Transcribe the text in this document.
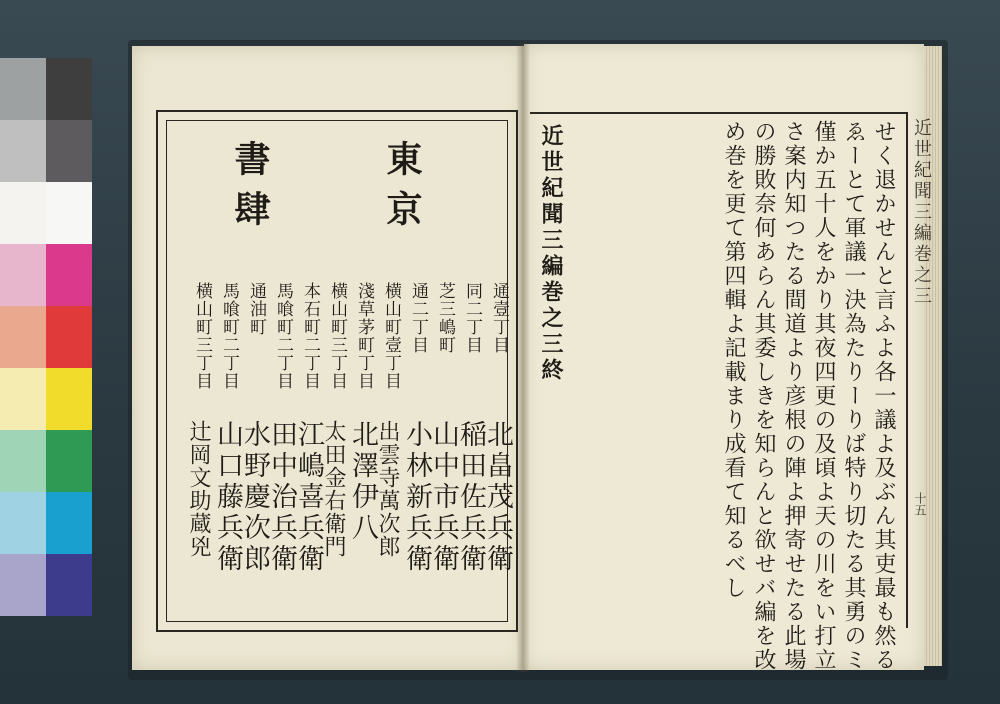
東京
書肆
通壹丁目
北畠茂兵衛
同二丁目
稲田佐兵衛
芝三嶋町
山中市兵衛
通二丁目
小林新兵衛
横山町壹丁目
出雲寺萬次郎
淺草茅町丁目
北澤伊八
横山町三丁目
太田金右衛門
本石町二丁目
江嶋喜兵衛
馬喰町二丁目
田中治兵衛
通油町
水野慶次郎
馬喰町二丁目
山口藤兵衛
横山町三丁目
辻岡文助蔵兇
近世紀聞三編巻之三
十五
せく退かせんと言ふよ各一議よ及ぶん其吏最も然る
ゑーとて軍議一決為たりーりば特り切たる其勇のミ
僅か五十人をかり其夜四更の及頃よ天の川をい打立
さ案内知つたる間道より彦根の陣よ押寄せたる此場
の勝敗奈何あらん其委しきを知らんと欲せバ編を改
め巻を更て第四輯よ記載まり成看て知るべし
近世紀聞三編巻之三終
